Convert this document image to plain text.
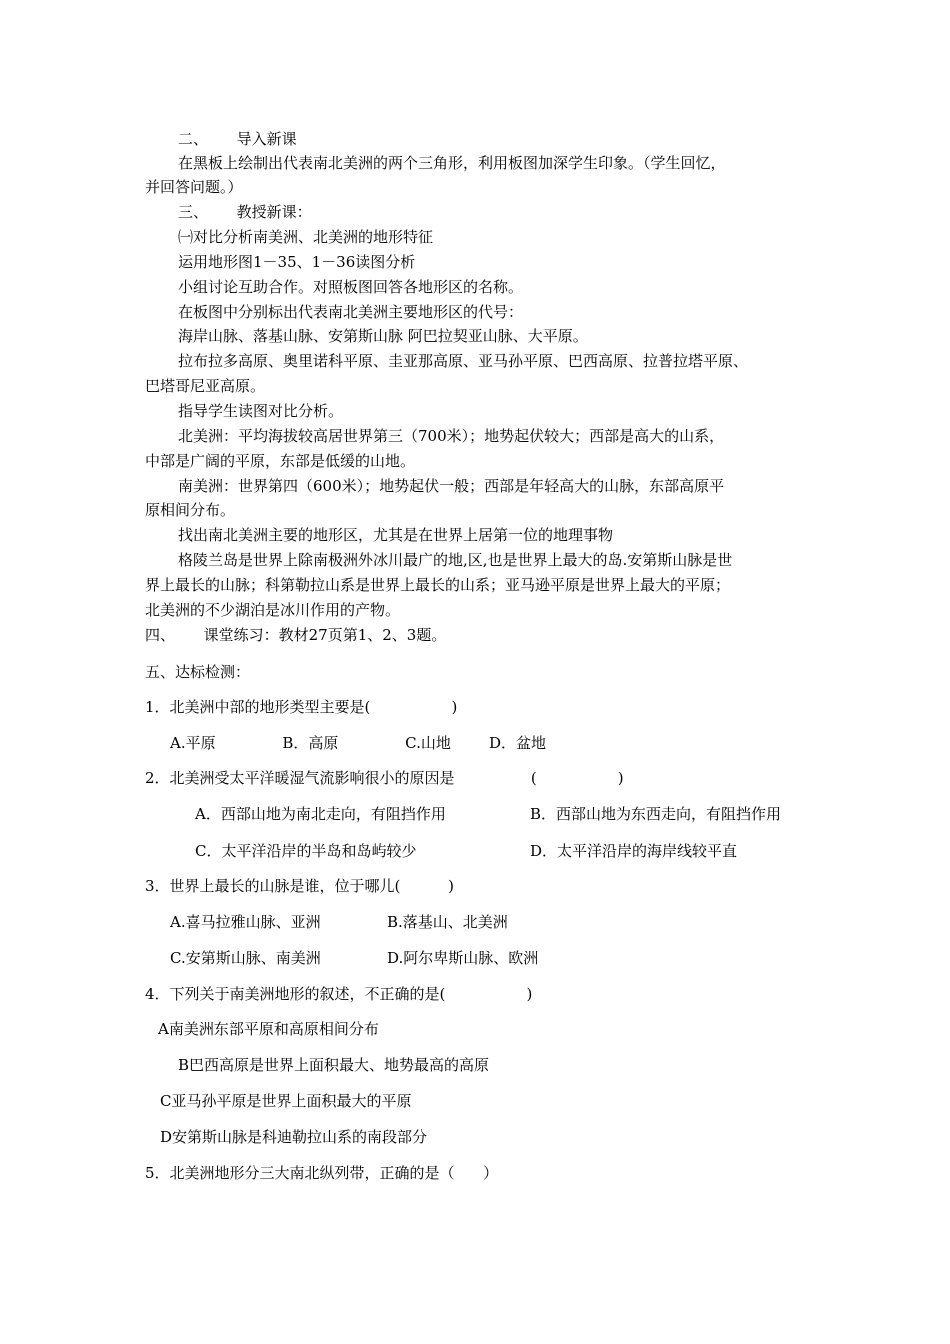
二、      导入新课
在黑板上绘制出代表南北美洲的两个三角形，利用板图加深学生印象。（学生回忆，
并回答问题。）
三、      教授新课：
㈠对比分析南美洲、北美洲的地形特征
运用地形图1－35、1－36读图分析
小组讨论互助合作。对照板图回答各地形区的名称。
在板图中分别标出代表南北美洲主要地形区的代号：
海岸山脉、落基山脉、安第斯山脉 阿巴拉契亚山脉、大平原。
拉布拉多高原、奥里诺科平原、圭亚那高原、亚马孙平原、巴西高原、拉普拉塔平原、
巴塔哥尼亚高原。
指导学生读图对比分析。
北美洲：平均海拔较高居世界第三（700米）；地势起伏较大；西部是高大的山系，
中部是广阔的平原，东部是低缓的山地。
南美洲：世界第四（600米）；地势起伏一般；西部是年轻高大的山脉，东部高原平
原相间分布。
找出南北美洲主要的地形区，尤其是在世界上居第一位的地理事物
格陵兰岛是世界上除南极洲外冰川最广的地,区,也是世界上最大的岛.安第斯山脉是世
界上最长的山脉；科第勒拉山系是世界上最长的山系；亚马逊平原是世界上最大的平原；
北美洲的不少湖泊是冰川作用的产物。
四、      课堂练习：教材27页第1、2、3题。
五、达标检测：
1．北美洲中部的地形类型主要是(                 )
A.平原              B．高原              C.山地        D．盆地
2．北美洲受太平洋暖湿气流影响很小的原因是                (                 )
A．西部山地为南北走向，有阻挡作用	B．西部山地为东西走向，有阻挡作用
C．太平洋沿岸的半岛和岛屿较少	D．太平洋沿岸的海岸线较平直
3．世界上最长的山脉是谁，位于哪儿(          )
A.喜马拉雅山脉、亚洲	B.落基山、北美洲
C.安第斯山脉、南美洲	D.阿尔卑斯山脉、欧洲
4．下列关于南美洲地形的叙述，不正确的是(                 )
A南美洲东部平原和高原相间分布
B巴西高原是世界上面积最大、地势最高的高原
C亚马孙平原是世界上面积最大的平原
D安第斯山脉是科迪勒拉山系的南段部分
5．北美洲地形分三大南北纵列带，正确的是（      ）
